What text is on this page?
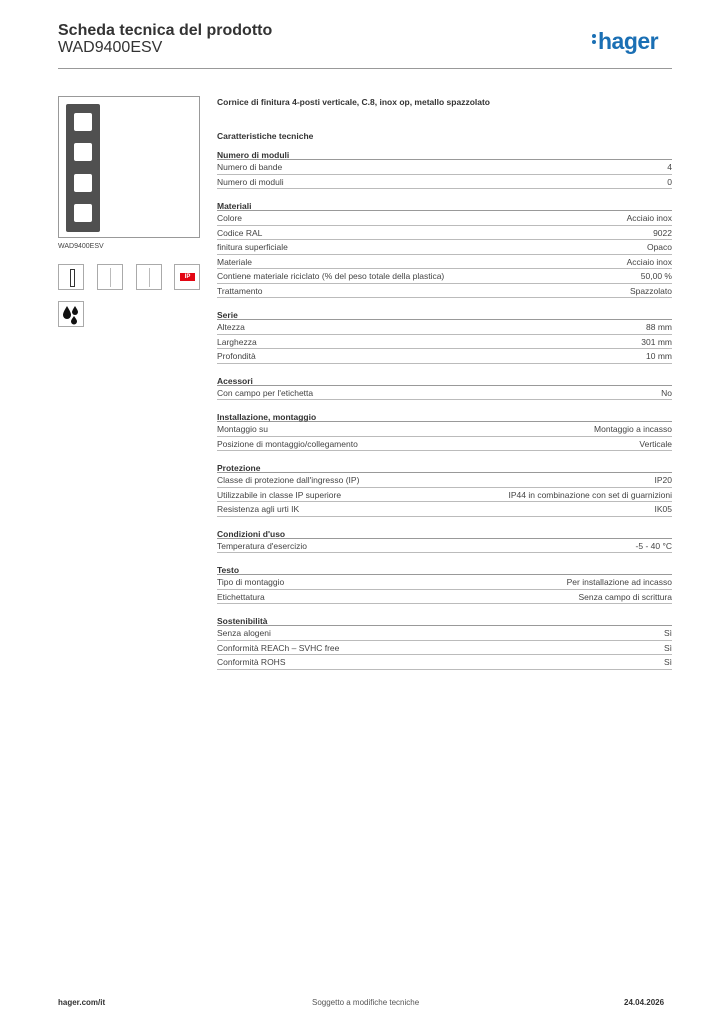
Scheda tecnica del prodotto
WAD9400ESV	hager
WAD9400ESV
IP
Cornice di finitura 4-posti verticale, C.8, inox op, metallo spazzolato
Caratteristiche tecniche
Numero di moduli
Numero di bande	4
Numero di moduli	0
Materiali
Colore	Acciaio inox
Codice RAL	9022
finitura superficiale	Opaco
Materiale	Acciaio inox
Contiene materiale riciclato (% del peso totale della plastica)	50,00 %
Trattamento	Spazzolato
Serie
Altezza	88 mm
Larghezza	301 mm
Profondità	10 mm
Acessori
Con campo per l'etichetta	No
Installazione, montaggio
Montaggio su	Montaggio a incasso
Posizione di montaggio/collegamento	Verticale
Protezione
Classe di protezione dall'ingresso (IP)	IP20
Utilizzabile in classe IP superiore	IP44 in combinazione con set di guarnizioni
Resistenza agli urti IK	IK05
Condizioni d'uso
Temperatura d'esercizio	-5 - 40 °C
Testo
Tipo di montaggio	Per installazione ad incasso
Etichettatura	Senza campo di scrittura
Sostenibilità
Senza alogeni	Sì
Conformità REACh – SVHC free	Sì
Conformità ROHS	Sì
hager.com/it	Soggetto a modifiche tecniche	24.04.2026
